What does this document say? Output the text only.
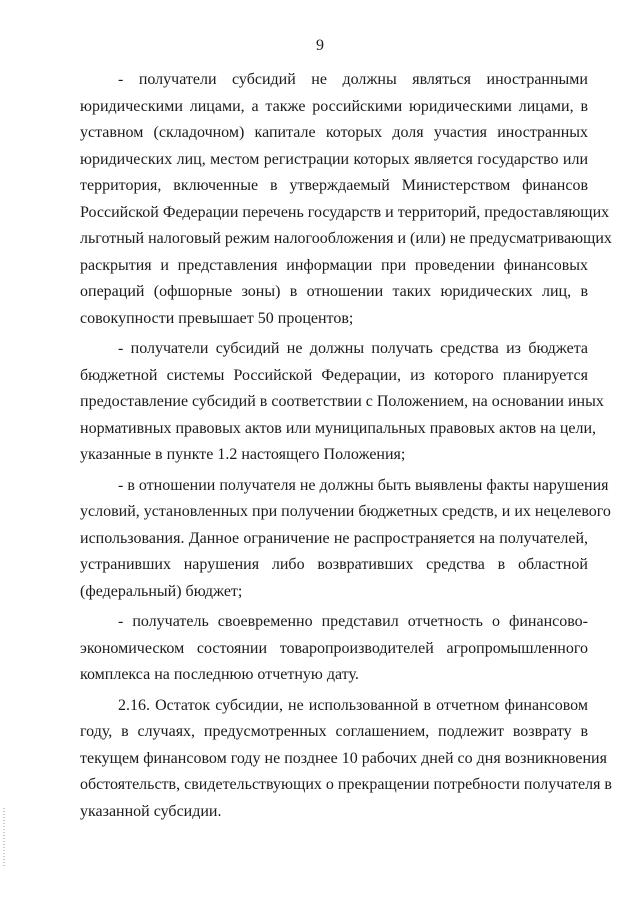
9
- получатели субсидий не должны являться иностранными
юридическими лицами, а также российскими юридическими лицами, в
уставном (складочном) капитале которых доля участия иностранных
юридических лиц, местом регистрации которых является государство или
территория, включенные в утверждаемый Министерством финансов
Российской Федерации перечень государств и территорий, предоставляющих
льготный налоговый режим налогообложения и (или) не предусматривающих
раскрытия и представления информации при проведении финансовых
операций (офшорные зоны) в отношении таких юридических лиц, в
совокупности превышает 50 процентов;
- получатели субсидий не должны получать средства из бюджета
бюджетной системы Российской Федерации, из которого планируется
предоставление субсидий в соответствии с Положением, на основании иных
нормативных правовых актов или муниципальных правовых актов на цели,
указанные в пункте 1.2 настоящего Положения;
- в отношении получателя не должны быть выявлены факты нарушения
условий, установленных при получении бюджетных средств, и их нецелевого
использования. Данное ограничение не распространяется на получателей,
устранивших нарушения либо возвративших средства в областной
(федеральный) бюджет;
- получатель своевременно представил отчетность о финансово-
экономическом состоянии товаропроизводителей агропромышленного
комплекса на последнюю отчетную дату.
2.16. Остаток субсидии, не использованной в отчетном финансовом
году, в случаях, предусмотренных соглашением, подлежит возврату в
текущем финансовом году не позднее 10 рабочих дней со дня возникновения
обстоятельств, свидетельствующих о прекращении потребности получателя в
указанной субсидии.
